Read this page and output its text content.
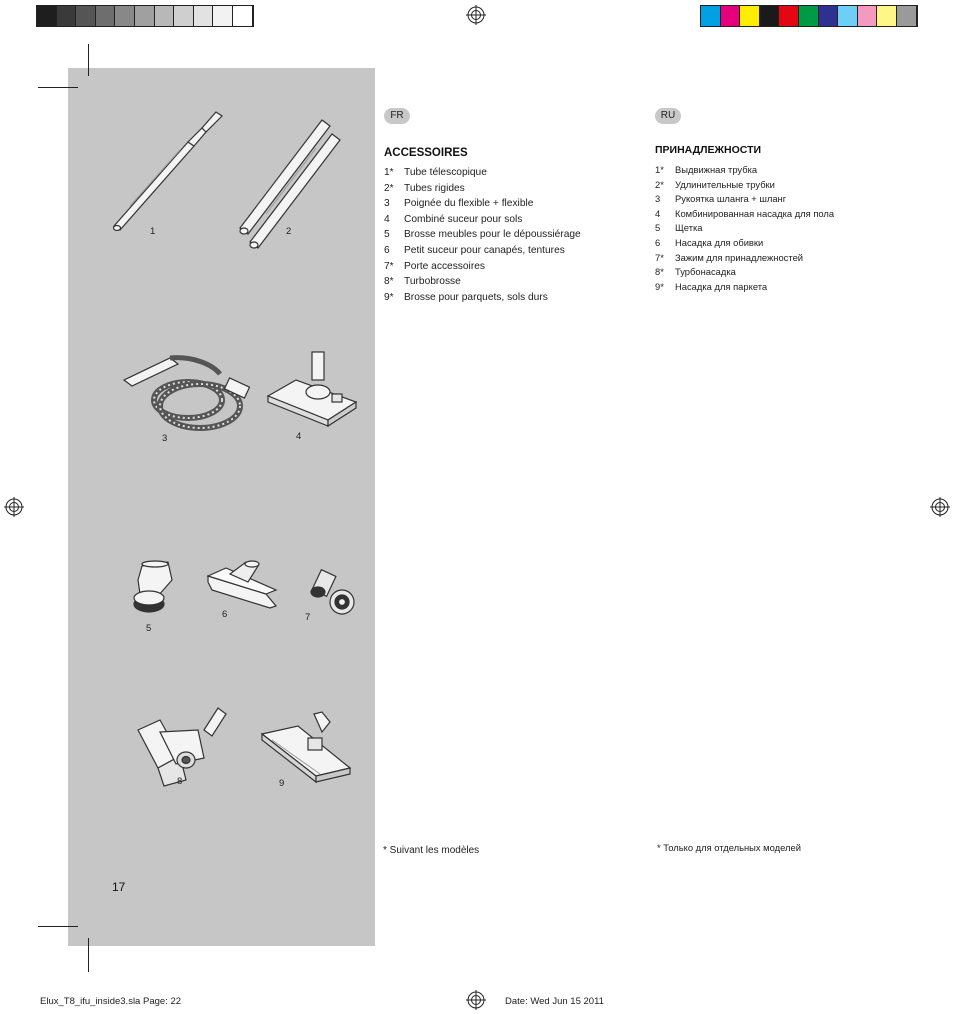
1	2
3	4
5
6	7
8	9
17
FR
ACCESSOIRES
1*	Tube télescopique
2*	Tubes rigides
3	Poignée du flexible + flexible
4	Combiné suceur pour sols
5	Brosse meubles pour le dépoussiérage
6	Petit suceur pour canapés, tentures
7*	Porte accessoires
8*	Turbobrosse
9*	Brosse pour parquets, sols durs
* Suivant les modèles
RU
ПРИНАДЛЕЖНОСТИ
1*	Выдвижная трубка
2*	Удлинительные трубки
3	Рукоятка шланга + шланг
4	Комбинированная насадка для пола
5	Щетка
6	Насадка для обивки
7*	Зажим для принадлежностей
8*	Турбонасадка
9*	Насадка для паркета
* Только для отдельных моделей
Elux_T8_ifu_inside3.sla Page: 22	Date: Wed Jun 15 2011
